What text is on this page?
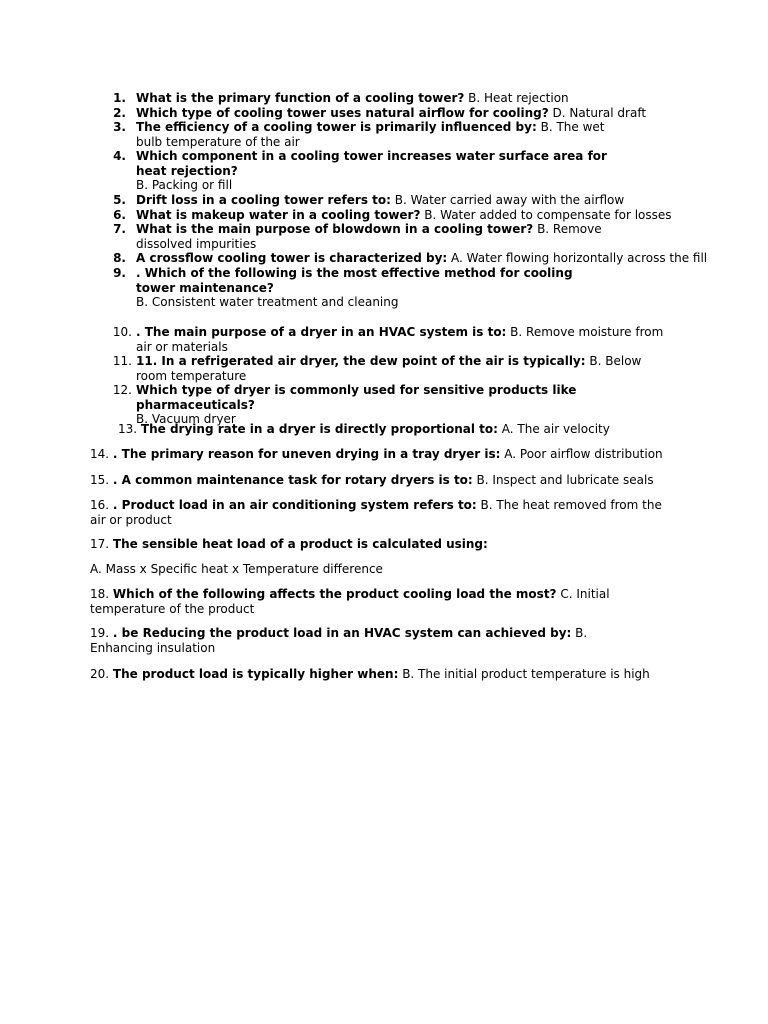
1. What is the primary function of a cooling tower? B. Heat rejection
2. Which type of cooling tower uses natural airflow for cooling? D. Natural draft
3. The efficiency of a cooling tower is primarily influenced by: B. The wet bulb temperature of the air
4. Which component in a cooling tower increases water surface area for heat rejection?
B. Packing or fill
5. Drift loss in a cooling tower refers to: B. Water carried away with the airflow
6. What is makeup water in a cooling tower? B. Water added to compensate for losses
7. What is the main purpose of blowdown in a cooling tower? B. Remove dissolved impurities
8. A crossflow cooling tower is characterized by: A. Water flowing horizontally across the fill
9. . Which of the following is the most effective method for cooling tower maintenance?
B. Consistent water treatment and cleaning
10. . The main purpose of a dryer in an HVAC system is to: B. Remove moisture from air or materials
11. 11. In a refrigerated air dryer, the dew point of the air is typically: B. Below room temperature
12. Which type of dryer is commonly used for sensitive products like pharmaceuticals?
B. Vacuum dryer
13. The drying rate in a dryer is directly proportional to: A. The air velocity
14. . The primary reason for uneven drying in a tray dryer is: A. Poor airflow distribution
15. . A common maintenance task for rotary dryers is to: B. Inspect and lubricate seals
16. . Product load in an air conditioning system refers to: B. The heat removed from the air or product
17. The sensible heat load of a product is calculated using:
A. Mass x Specific heat x Temperature difference
18. Which of the following affects the product cooling load the most? C. Initial temperature of the product
19. . be Reducing the product load in an HVAC system can achieved by: B. Enhancing insulation
20. The product load is typically higher when: B. The initial product temperature is high
